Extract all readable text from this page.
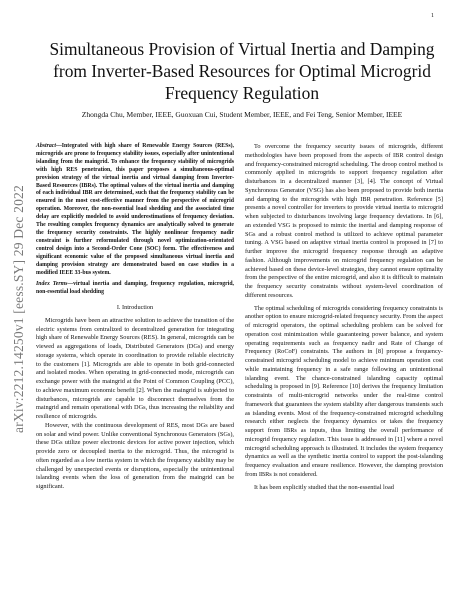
1
arXiv:2212.14250v1 [eess.SY] 29 Dec 2022
Simultaneous Provision of Virtual Inertia and Damping from Inverter-Based Resources for Optimal Microgrid Frequency Regulation
Zhongda Chu, Member, IEEE, Guoxuan Cui, Student Member, IEEE, and Fei Teng, Senior Member, IEEE

Abstract—Integrated with high share of Renewable Energy Sources (RESs), microgrids are prone to frequency stability issues, especially after unintentional islanding from the maingrid. To enhance the frequency stability of microgrids with high RES penetration, this paper proposes a simultaneous-optimal provision strategy of the virtual inertia and virtual damping from Inverter-Based Resources (IBRs). The optimal values of the virtual inertia and damping of each individual IBR are determined, such that the frequency stability can be ensured in the most cost-effective manner from the perspective of microgrid operation. Moreover, the non-essential load shedding and the associated time delay are explicitly modeled to avoid underestimations of frequency deviation. The resulting complex frequency dynamics are analytically solved to generate the frequency security constraints. The highly nonlinear frequency nadir constraint is further reformulated through novel optimization-orientated control design into a Second-Order Cone (SOC) form. The effectiveness and significant economic value of the proposed simultaneous virtual inertia and damping provision strategy are demonstrated based on case studies in a modified IEEE 33-bus system.

Index Terms—virtual inertia and damping, frequency regulation, microgrid, non-essential load shedding

I. Introduction

Microgrids have been an attractive solution to achieve the transition of the electric systems from centralized to decentralized generation for integrating high share of Renewable Energy Sources (RES). In general, microgrids can be viewed as aggregations of loads, Distributed Generators (DGs) and energy storage systems, which operate in coordination to provide reliable electricity to the customers [1]. Microgrids are able to operate in both grid-connected and isolated modes. When operating in grid-connected mode, microgrids can exchange power with the maingrid at the Point of Common Coupling (PCC), to achieve maximum economic benefit [2]. When the maingrid is subjected to disturbances, microgrids are capable to disconnect themselves from the maingrid and remain operational with DGs, thus increasing the reliability and resilience of microgrids.

However, with the continuous development of RES, most DGs are based on solar and wind power. Unlike conventional Synchronous Generators (SGs), these DGs utilize power electronic devices for active power injection, which provide zero or decoupled inertia to the microgrid. Thus, the microgrid is often regarded as a low inertia system in which the frequency stability may be challenged by unexpected events or disruptions, especially the unintentional islanding events when the loss of generation from the maingrid can be significant.

To overcome the frequency security issues of microgrids, different methodologies have been proposed from the aspects of IBR control design and frequency-constrained microgrid scheduling. The droop control method is commonly applied in microgrids to support frequency regulation after disturbances in a decentralized manner [3], [4]. The concept of Virtual Synchronous Generator (VSG) has also been proposed to provide both inertia and damping to the microgrids with high IBR penetration. Reference [5] presents a novel controller for inverters to provide virtual inertia to microgrid when subjected to disturbances involving large frequency deviations. In [6], an extended VSG is proposed to mimic the inertial and damping response of SGs and a robust control method is utilized to achieve optimal parameter tuning. A VSG based on adaptive virtual inertia control is proposed in [7] to further improve the microgrid frequency response through an adaptive fashion. Although improvements on microgrid frequency regulation can be achieved based on these device-level strategies, they cannot ensure optimality from the perspective of the entire microgrid, and also it is difficult to maintain the frequency security constraints without system-level coordination of different resources.

The optimal scheduling of microgrids considering frequency constraints is another option to ensure microgrid-related frequency security. From the aspect of microgrid operators, the optimal scheduling problem can be solved for operation cost minimization while guaranteeing power balance, and system operating requirements such as frequency nadir and Rate of Change of Frequency (RoCoF) constraints. The authors in [8] propose a frequency-constrained microgrid scheduling model to achieve minimum operation cost while maintaining frequency in a safe range following an unintentional islanding event. The chance-constrained islanding capacity optimal scheduling is proposed in [9]. Reference [10] derives the frequency limitation constraints of multi-microgrid networks under the real-time control framework that guarantees the system stability after dangerous transients such as islanding events. Most of the frequency-constrained microgrid scheduling research either neglects the frequency dynamics or takes the frequency support from IBRs as inputs, thus limiting the overall performance of microgrid frequency regulation. This issue is addressed in [11] where a novel microgrid scheduling approach is illustrated. It includes the system frequency dynamics as well as the synthetic inertia control to support the post-islanding frequency evaluation and ensure resilience. However, the damping provision from IBRs is not considered.

It has been explicitly studied that the non-essential load
